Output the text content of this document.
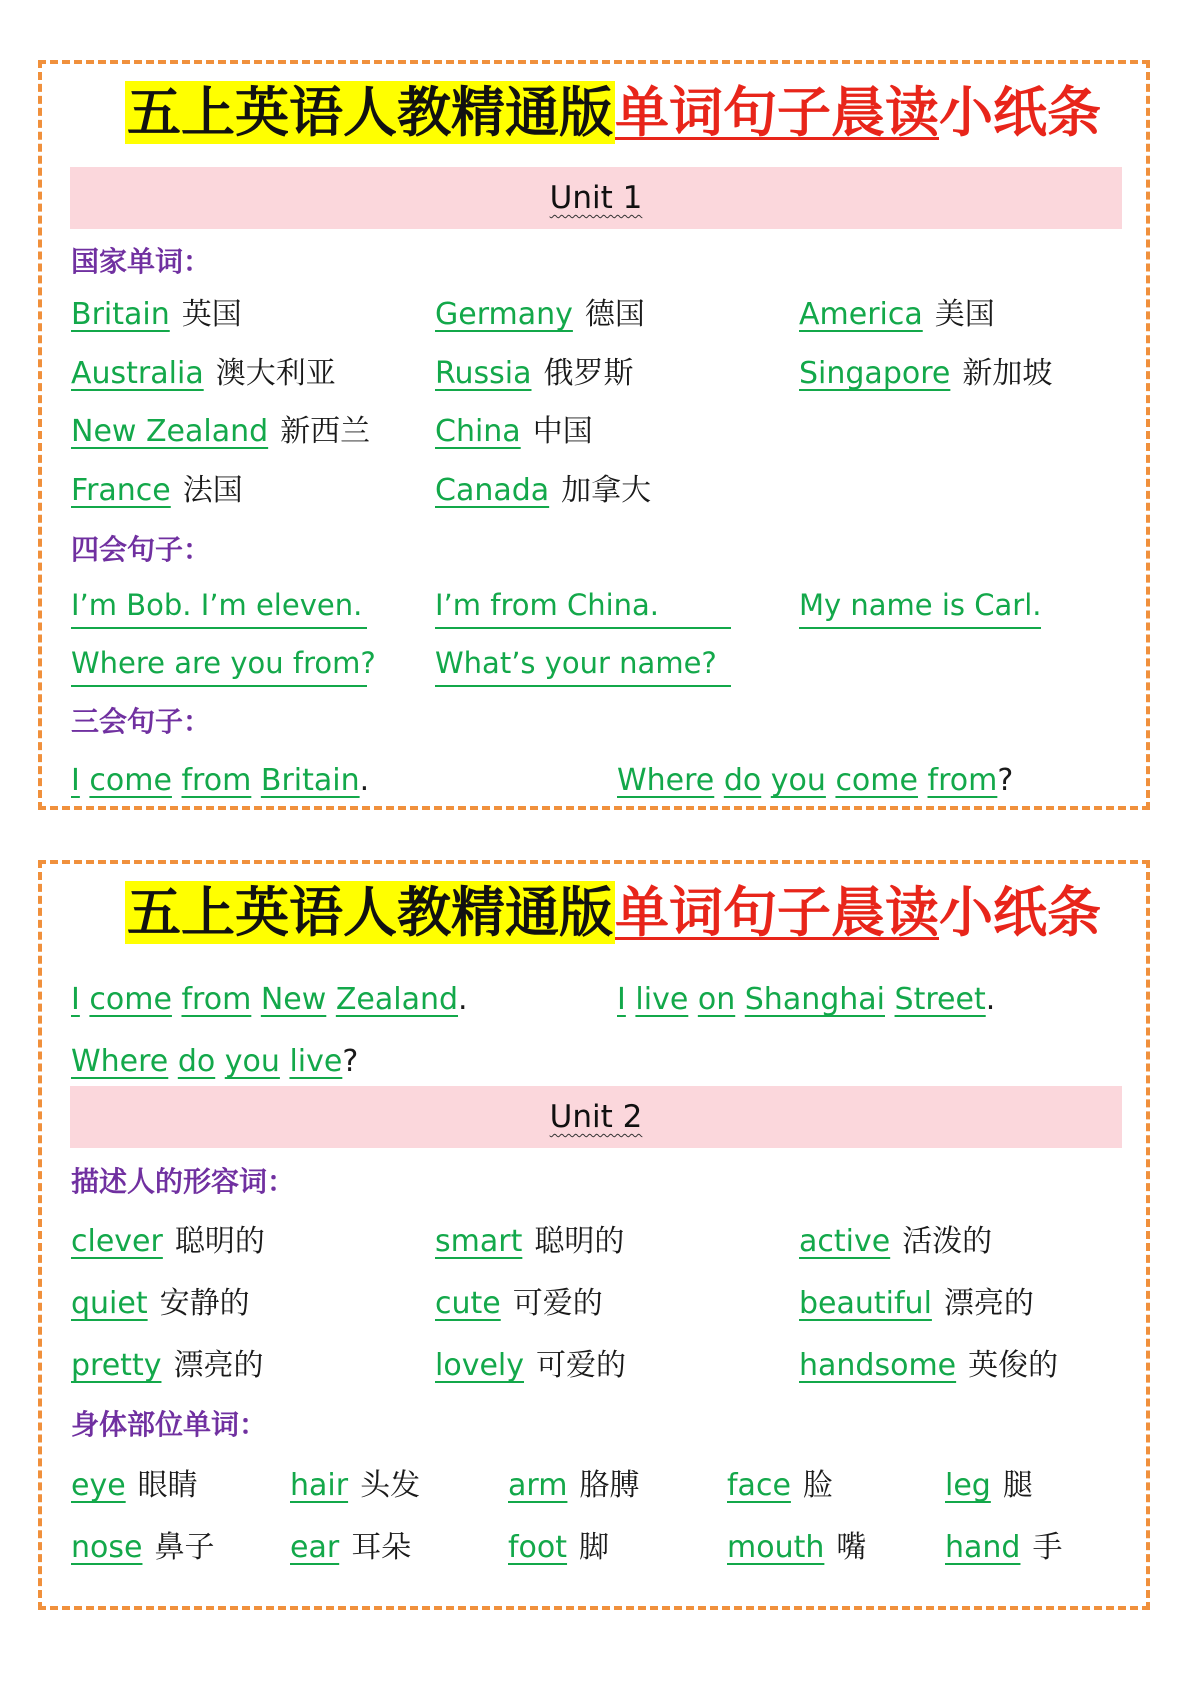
五上英语人教精通版单词句子晨读小纸条
Unit 1
国家单词：
Britain 英国	Germany 德国	America 美国
Australia 澳大利亚	Russia 俄罗斯	Singapore 新加坡
New Zealand 新西兰 China 中国
France 法国	Canada 加拿大
四会句子：
I’m Bob. I’m eleven.	I’m from China.	My name is Carl.
Where are you from? What’s your name?
三会句子：
I come from Britain.	Where do you come from?
五上英语人教精通版单词句子晨读小纸条
I come from New Zealand.	I live on Shanghai Street.
Where do you live?
Unit 2
描述人的形容词：
clever 聪明的	smart 聪明的	active 活泼的
quiet 安静的	cute 可爱的	beautiful 漂亮的
pretty 漂亮的	lovely 可爱的	handsome 英俊的
身体部位单词：
eye 眼睛	hair 头发	arm 胳膊	face 脸	leg 腿
nose 鼻子	ear 耳朵	foot 脚	mouth 嘴	hand 手
